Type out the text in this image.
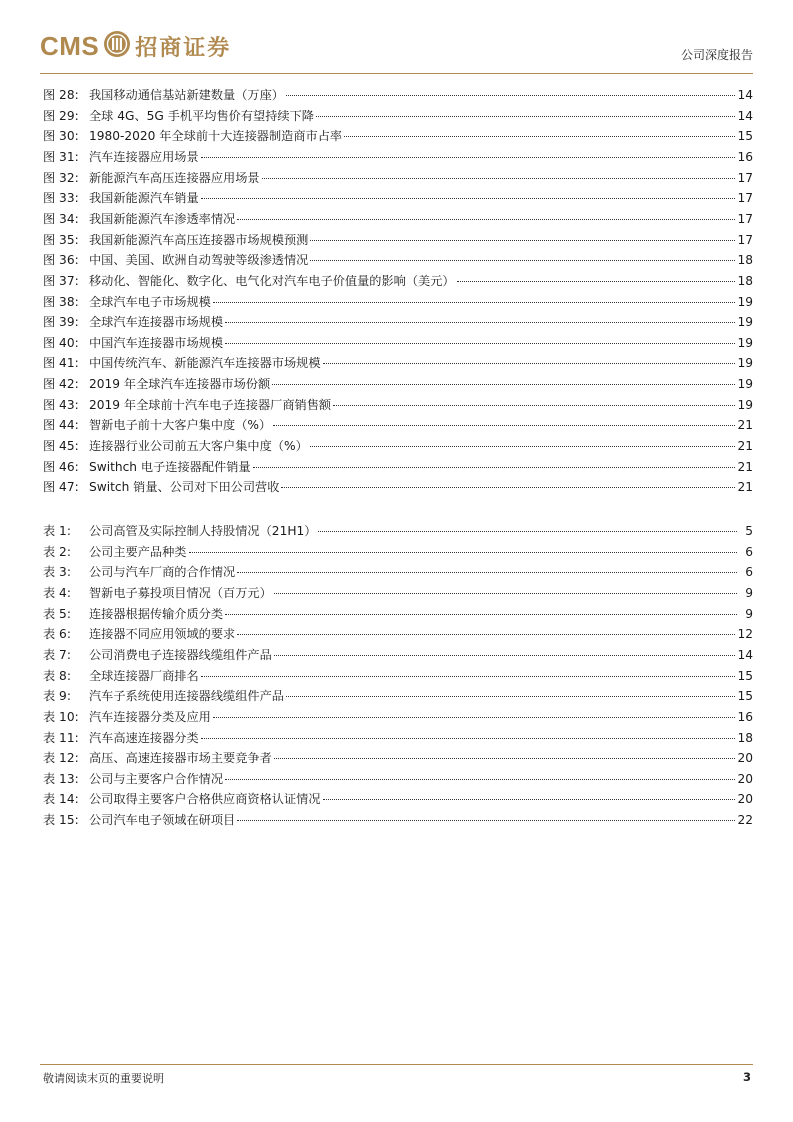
CMS 招商证券	公司深度报告
图 28: 我国移动通信基站新建数量（万座）	14
图 29: 全球 4G、5G 手机平均售价有望持续下降	14
图 30: 1980-2020 年全球前十大连接器制造商市占率	15
图 31: 汽车连接器应用场景	16
图 32: 新能源汽车高压连接器应用场景	17
图 33: 我国新能源汽车销量	17
图 34: 我国新能源汽车渗透率情况	17
图 35: 我国新能源汽车高压连接器市场规模预测	17
图 36: 中国、美国、欧洲自动驾驶等级渗透情况	18
图 37: 移动化、智能化、数字化、电气化对汽车电子价值量的影响（美元）	18
图 38: 全球汽车电子市场规模	19
图 39: 全球汽车连接器市场规模	19
图 40: 中国汽车连接器市场规模	19
图 41: 中国传统汽车、新能源汽车连接器市场规模	19
图 42: 2019 年全球汽车连接器市场份额	19
图 43: 2019 年全球前十汽车电子连接器厂商销售额	19
图 44: 智新电子前十大客户集中度（%）	21
图 45: 连接器行业公司前五大客户集中度（%）	21
图 46: Swithch 电子连接器配件销量	21
图 47: Switch 销量、公司对下田公司营收	21
表 1:	公司高管及实际控制人持股情况（21H1）	5
表 2:	公司主要产品种类	6
表 3:	公司与汽车厂商的合作情况	6
表 4:	智新电子募投项目情况（百万元）	9
表 5:	连接器根据传输介质分类	9
表 6:	连接器不同应用领域的要求	12
表 7:	公司消费电子连接器线缆组件产品	14
表 8:	全球连接器厂商排名	15
表 9:	汽车子系统使用连接器线缆组件产品	15
表 10: 汽车连接器分类及应用	16
表 11: 汽车高速连接器分类	18
表 12: 高压、高速连接器市场主要竞争者	20
表 13: 公司与主要客户合作情况	20
表 14: 公司取得主要客户合格供应商资格认证情况	20
表 15: 公司汽车电子领域在研项目	22
敬请阅读末页的重要说明	3
